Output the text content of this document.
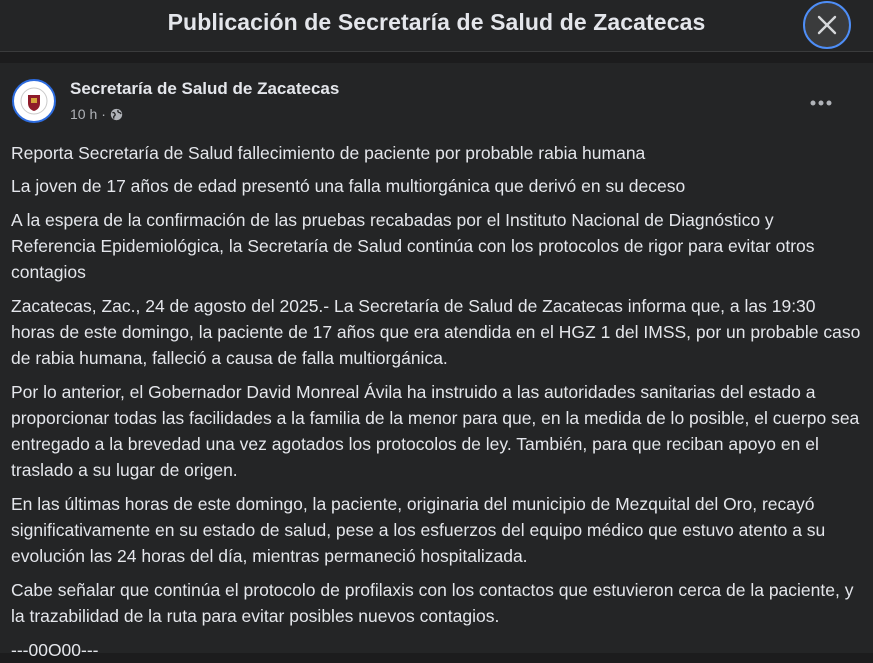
Publicación de Secretaría de Salud de Zacatecas
Secretaría de Salud de Zacatecas
10 h ·

Reporta Secretaría de Salud fallecimiento de paciente por probable rabia humana

La joven de 17 años de edad presentó una falla multiorgánica que derivó en su deceso

A la espera de la confirmación de las pruebas recabadas por el Instituto Nacional de Diagnóstico y Referencia Epidemiológica, la Secretaría de Salud continúa con los protocolos de rigor para evitar otros contagios

Zacatecas, Zac., 24 de agosto del 2025.- La Secretaría de Salud de Zacatecas informa que, a las 19:30 horas de este domingo, la paciente de 17 años que era atendida en el HGZ 1 del IMSS, por un probable caso de rabia humana, falleció a causa de falla multiorgánica.

Por lo anterior, el Gobernador David Monreal Ávila ha instruido a las autoridades sanitarias del estado a proporcionar todas las facilidades a la familia de la menor para que, en la medida de lo posible, el cuerpo sea entregado a la brevedad una vez agotados los protocolos de ley. También, para que reciban apoyo en el traslado a su lugar de origen.

En las últimas horas de este domingo, la paciente, originaria del municipio de Mezquital del Oro, recayó significativamente en su estado de salud, pese a los esfuerzos del equipo médico que estuvo atento a su evolución las 24 horas del día, mientras permaneció hospitalizada.

Cabe señalar que continúa el protocolo de profilaxis con los contactos que estuvieron cerca de la paciente, y la trazabilidad de la ruta para evitar posibles nuevos contagios.

---00O00---
